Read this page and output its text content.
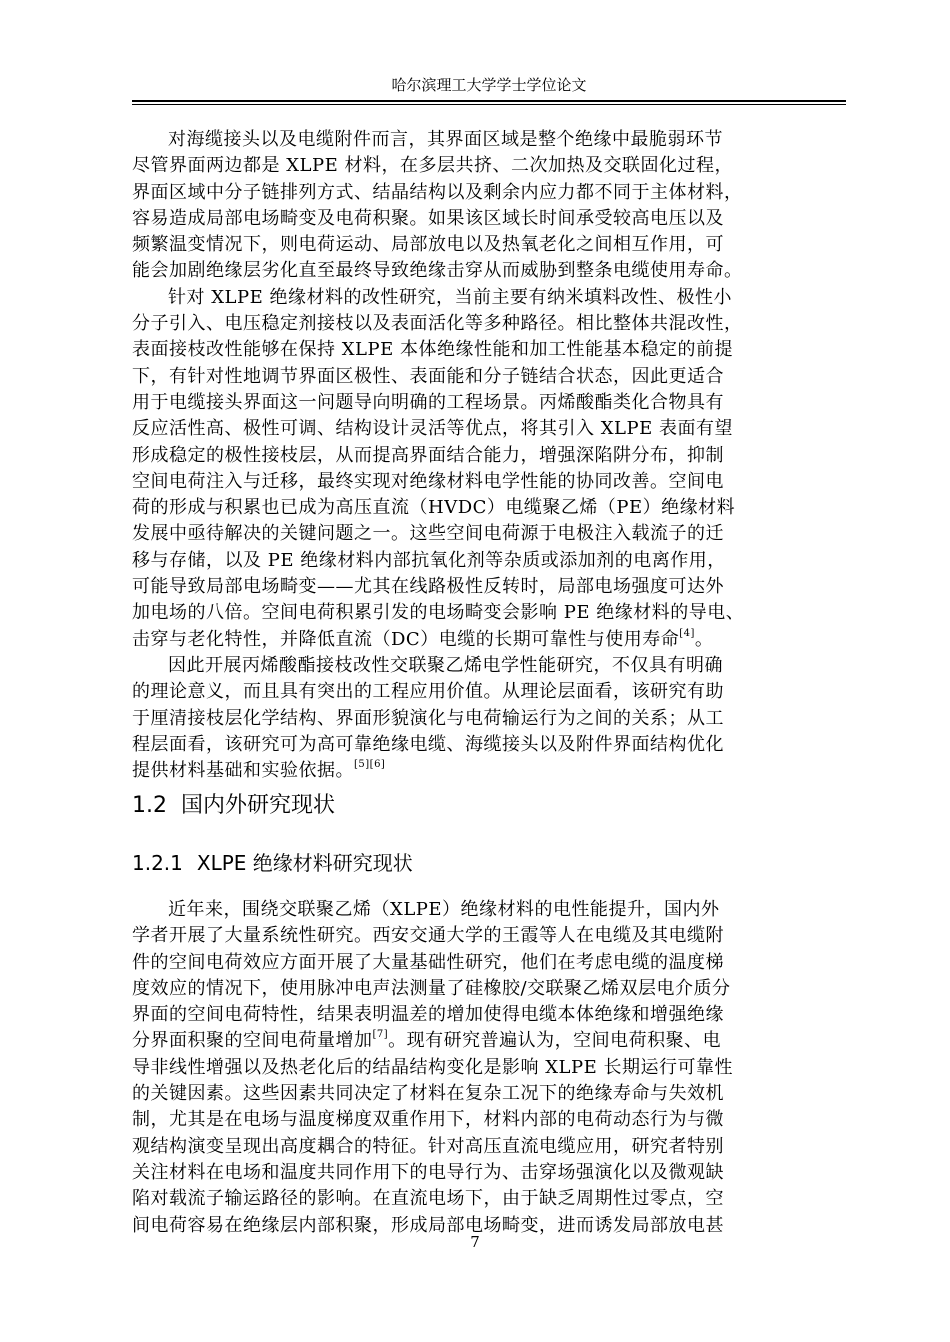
哈尔滨理工大学学士学位论文

对海缆接头以及电缆附件而言，其界面区域是整个绝缘中最脆弱环节
尽管界面两边都是 XLPE 材料，在多层共挤、二次加热及交联固化过程，
界面区域中分子链排列方式、结晶结构以及剩余内应力都不同于主体材料，
容易造成局部电场畸变及电荷积聚。如果该区域长时间承受较高电压以及
频繁温变情况下，则电荷运动、局部放电以及热氧老化之间相互作用，可
能会加剧绝缘层劣化直至最终导致绝缘击穿从而威胁到整条电缆使用寿命。

针对 XLPE 绝缘材料的改性研究，当前主要有纳米填料改性、极性小
分子引入、电压稳定剂接枝以及表面活化等多种路径。相比整体共混改性，
表面接枝改性能够在保持 XLPE 本体绝缘性能和加工性能基本稳定的前提
下，有针对性地调节界面区极性、表面能和分子链结合状态，因此更适合
用于电缆接头界面这一问题导向明确的工程场景。丙烯酸酯类化合物具有
反应活性高、极性可调、结构设计灵活等优点，将其引入 XLPE 表面有望
形成稳定的极性接枝层，从而提高界面结合能力，增强深陷阱分布，抑制
空间电荷注入与迁移，最终实现对绝缘材料电学性能的协同改善。空间电
荷的形成与积累也已成为高压直流（HVDC）电缆聚乙烯（PE）绝缘材料
发展中亟待解决的关键问题之一。这些空间电荷源于电极注入载流子的迁
移与存储，以及 PE 绝缘材料内部抗氧化剂等杂质或添加剂的电离作用，
可能导致局部电场畸变——尤其在线路极性反转时，局部电场强度可达外
加电场的八倍。空间电荷积累引发的电场畸变会影响 PE 绝缘材料的导电、
击穿与老化特性，并降低直流（DC）电缆的长期可靠性与使用寿命[4]。

因此开展丙烯酸酯接枝改性交联聚乙烯电学性能研究，不仅具有明确
的理论意义，而且具有突出的工程应用价值。从理论层面看，该研究有助
于厘清接枝层化学结构、界面形貌演化与电荷输运行为之间的关系；从工
程层面看，该研究可为高可靠绝缘电缆、海缆接头以及附件界面结构优化
提供材料基础和实验依据。[5][6]

1.2 国内外研究现状
1.2.1 XLPE 绝缘材料研究现状

近年来，围绕交联聚乙烯（XLPE）绝缘材料的电性能提升，国内外
学者开展了大量系统性研究。西安交通大学的王霞等人在电缆及其电缆附
件的空间电荷效应方面开展了大量基础性研究，他们在考虑电缆的温度梯
度效应的情况下，使用脉冲电声法测量了硅橡胶/交联聚乙烯双层电介质分
界面的空间电荷特性，结果表明温差的增加使得电缆本体绝缘和增强绝缘
分界面积聚的空间电荷量增加[7]。现有研究普遍认为，空间电荷积聚、电
导非线性增强以及热老化后的结晶结构变化是影响 XLPE 长期运行可靠性
的关键因素。这些因素共同决定了材料在复杂工况下的绝缘寿命与失效机
制，尤其是在电场与温度梯度双重作用下，材料内部的电荷动态行为与微
观结构演变呈现出高度耦合的特征。针对高压直流电缆应用，研究者特别
关注材料在电场和温度共同作用下的电导行为、击穿场强演化以及微观缺
陷对载流子输运路径的影响。在直流电场下，由于缺乏周期性过零点，空
间电荷容易在绝缘层内部积聚，形成局部电场畸变，进而诱发局部放电甚

7
